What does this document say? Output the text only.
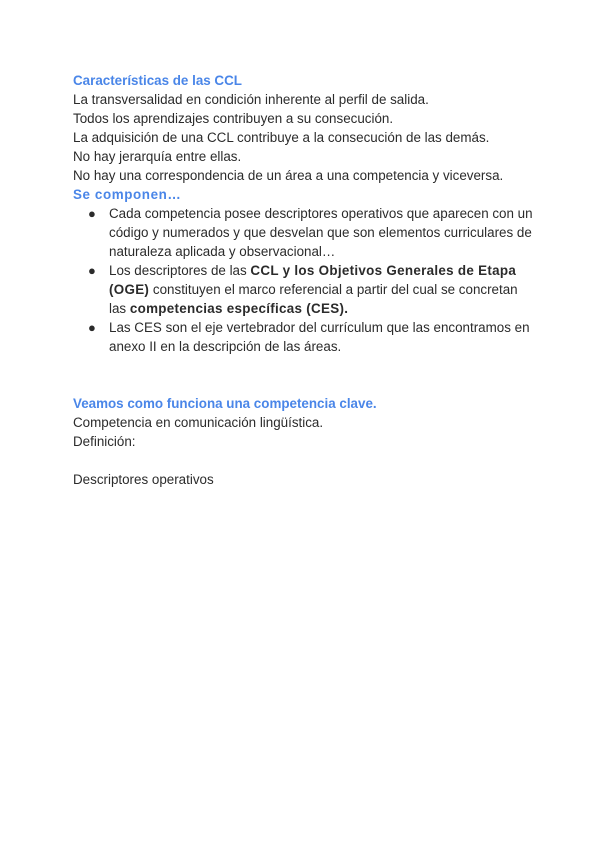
Características de las CCL
La transversalidad en condición inherente al perfil de salida.
Todos los aprendizajes contribuyen a su consecución.
La adquisición de una CCL contribuye a la consecución de las demás.
No hay jerarquía entre ellas.
No hay una correspondencia de un área a una competencia y viceversa.
Se componen…
● Cada competencia posee descriptores operativos que aparecen con un código y numerados y que desvelan que son elementos curriculares de naturaleza aplicada y observacional…
● Los descriptores de las CCL y los Objetivos Generales de Etapa (OGE) constituyen el marco referencial a partir del cual se concretan las competencias específicas (CES).
● Las CES son el eje vertebrador del currículum que las encontramos en anexo II en la descripción de las áreas.
Veamos como funciona una competencia clave.
Competencia en comunicación lingüística.
Definición:
Descriptores operativos
